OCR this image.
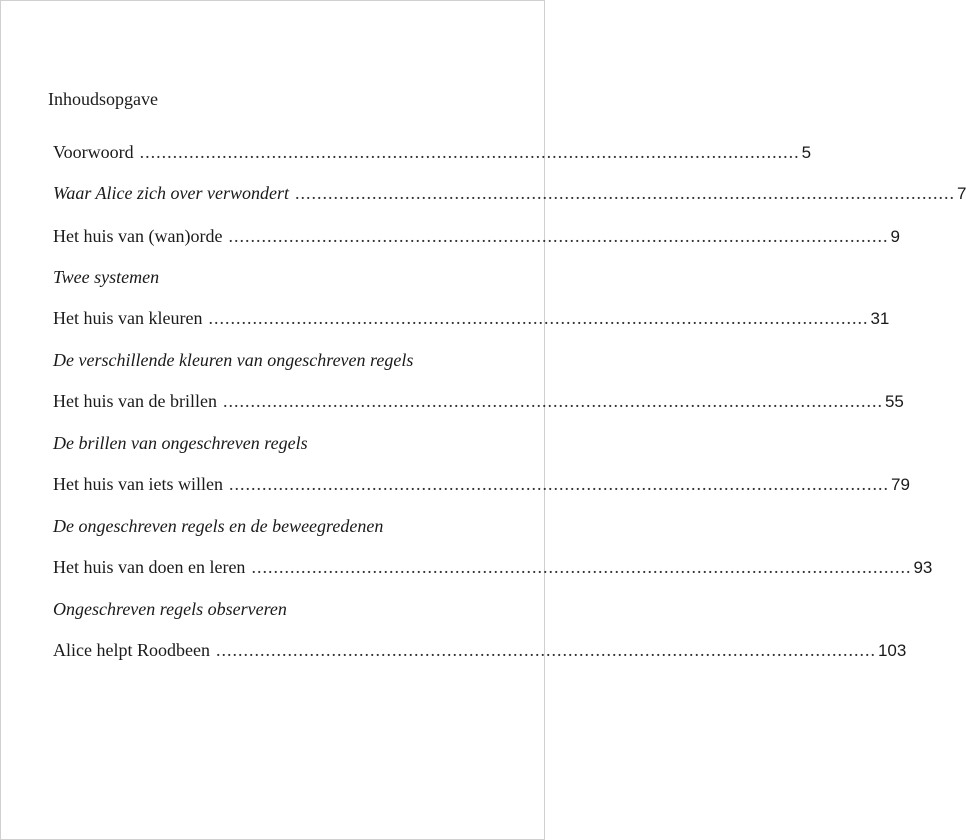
Inhoudsopgave
Voorwoord ........................................................................................................................ 5
Waar Alice zich over verwondert ........................................................................................................................ 7
Het huis van (wan)orde ........................................................................................................................ 9
Twee systemen
Het huis van kleuren ........................................................................................................................ 31
De verschillende kleuren van ongeschreven regels
Het huis van de brillen ........................................................................................................................ 55
De brillen van ongeschreven regels
Het huis van iets willen ........................................................................................................................ 79
De ongeschreven regels en de beweegredenen
Het huis van doen en leren ........................................................................................................................ 93
Ongeschreven regels observeren
Alice helpt Roodbeen ........................................................................................................................ 103
